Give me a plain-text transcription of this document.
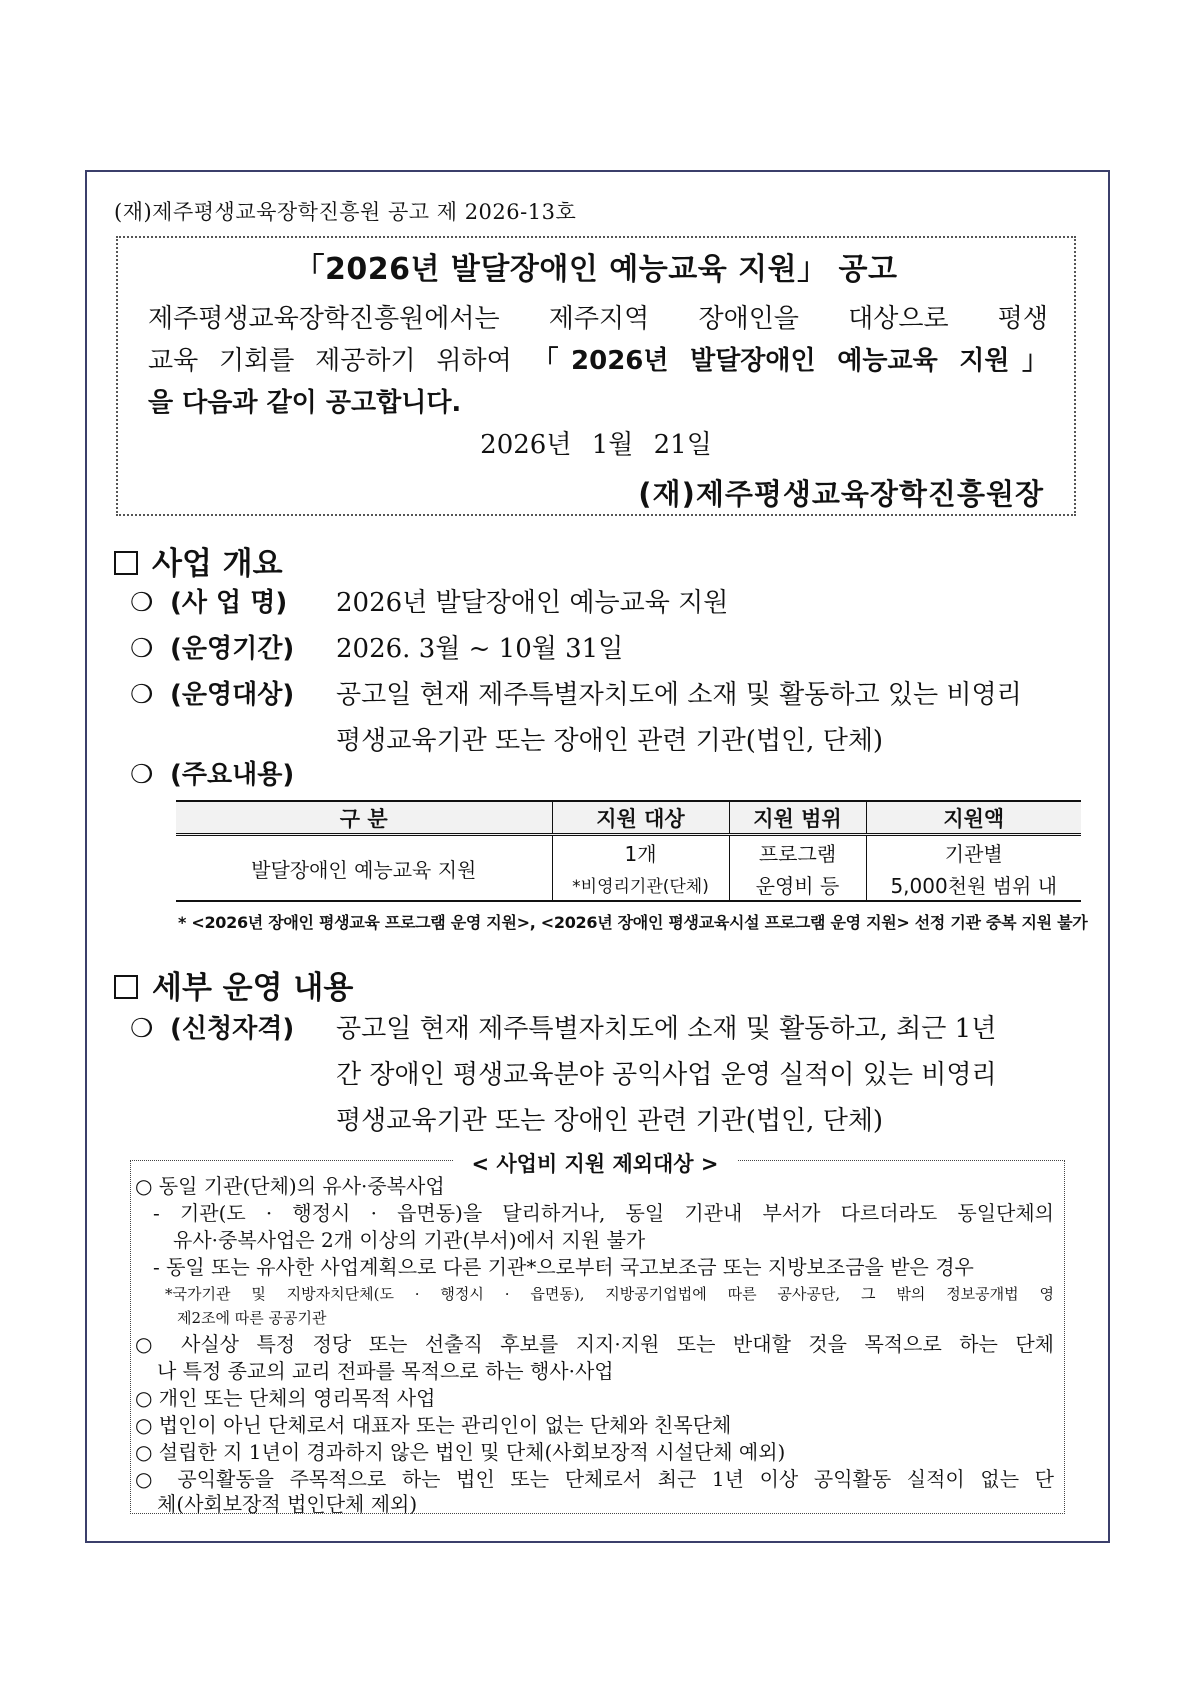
(재)제주평생교육장학진흥원 공고 제 2026-13호
「2026년 발달장애인 예능교육 지원」 공고
제주평생교육장학진흥원에서는 제주지역 장애인을 대상으로 평생
교육 기회를 제공하기 위하여 「2026년 발달장애인 예능교육 지원」
을 다음과 같이 공고합니다.
2026년 1월 21일
(재)제주평생교육장학진흥원장
사업 개요
❍ (사 업 명) 2026년 발달장애인 예능교육 지원
❍ (운영기간) 2026. 3월 ~ 10월 31일
❍ (운영대상) 공고일 현재 제주특별자치도에 소재 및 활동하고 있는 비영리
평생교육기관 또는 장애인 관련 기관(법인, 단체)
❍ (주요내용)
구 분	지원 대상	지원 범위	지원액
발달장애인 예능교육 지원	1개	프로그램	기관별
	*비영리기관(단체)	운영비 등	5,000천원 범위 내
* <2026년 장애인 평생교육 프로그램 운영 지원>, <2026년 장애인 평생교육시설 프로그램 운영 지원> 선정 기관 중복 지원 불가
세부 운영 내용
❍ (신청자격) 공고일 현재 제주특별자치도에 소재 및 활동하고, 최근 1년
간 장애인 평생교육분야 공익사업 운영 실적이 있는 비영리
평생교육기관 또는 장애인 관련 기관(법인, 단체)
○ 동일 기관(단체)의 유사·중복사업
- 기관(도 · 행정시 · 읍면동)을 달리하거나, 동일 기관내 부서가 다르더라도 동일단체의
유사·중복사업은 2개 이상의 기관(부서)에서 지원 불가
- 동일 또는 유사한 사업계획으로 다른 기관*으로부터 국고보조금 또는 지방보조금을 받은 경우
*국가기관 및 지방자치단체(도 · 행정시 · 읍면동), 지방공기업법에 따른 공사공단, 그 밖의 정보공개법 영
제2조에 따른 공공기관
○ 사실상 특정 정당 또는 선출직 후보를 지지·지원 또는 반대할 것을 목적으로 하는 단체
나 특정 종교의 교리 전파를 목적으로 하는 행사·사업
○ 개인 또는 단체의 영리목적 사업
○ 법인이 아닌 단체로서 대표자 또는 관리인이 없는 단체와 친목단체
○ 설립한 지 1년이 경과하지 않은 법인 및 단체(사회보장적 시설단체 예외)
○ 공익활동을 주목적으로 하는 법인 또는 단체로서 최근 1년 이상 공익활동 실적이 없는 단
체(사회보장적 법인단체 제외)
< 사업비 지원 제외대상 >
